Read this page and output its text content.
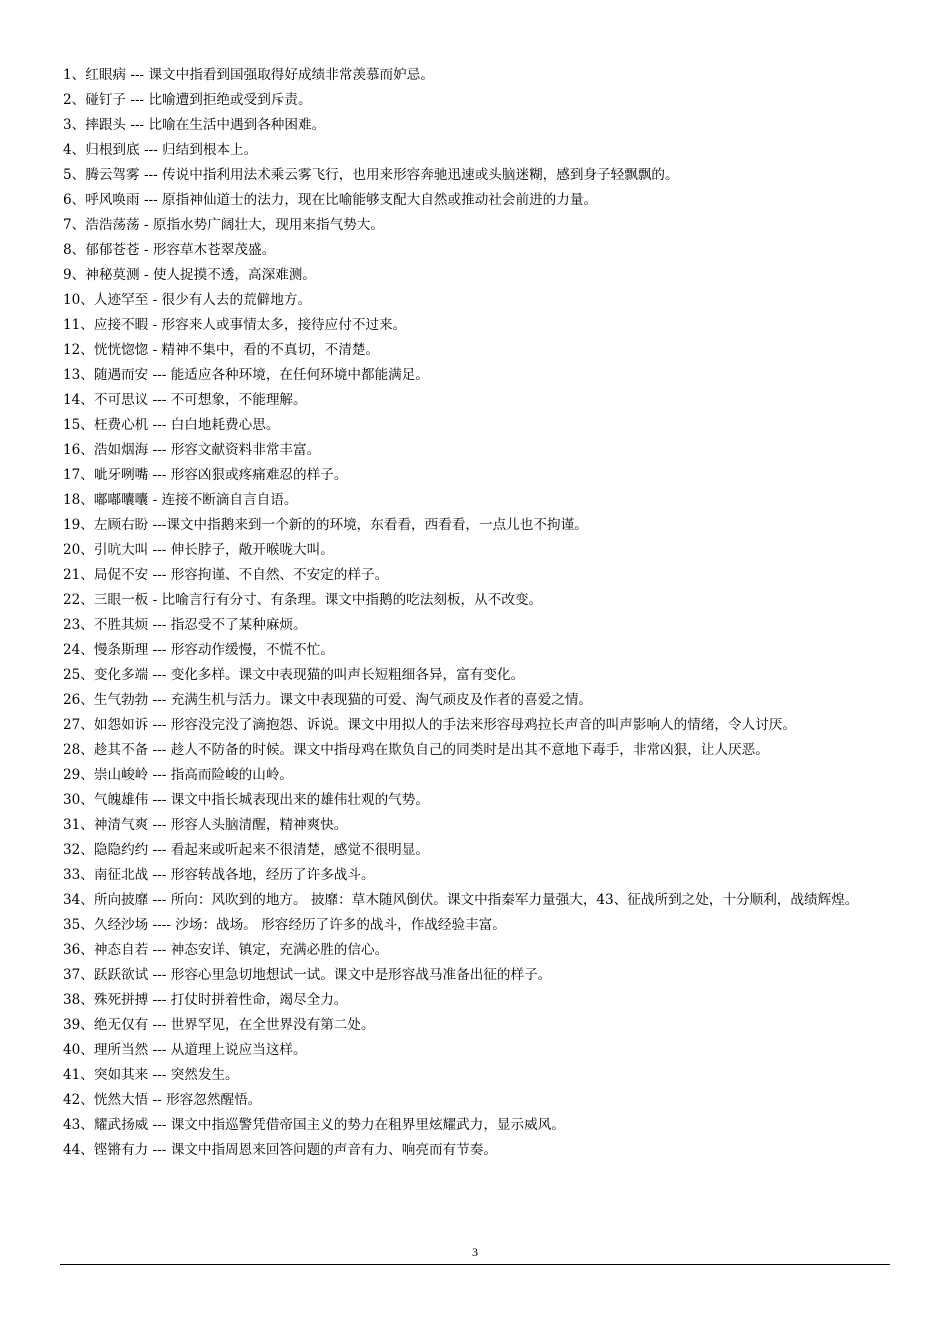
1、红眼病 --- 课文中指看到国强取得好成绩非常羡慕而妒忌。
2、碰钉子 --- 比喻遭到拒绝或受到斥责。
3、摔跟头 --- 比喻在生活中遇到各种困难。
4、归根到底 --- 归结到根本上。
5、腾云驾雾 --- 传说中指利用法术乘云雾飞行，也用来形容奔驰迅速或头脑迷糊，感到身子轻飘飘的。
6、呼风唤雨 --- 原指神仙道士的法力，现在比喻能够支配大自然或推动社会前进的力量。
7、浩浩荡荡 - 原指水势广阔壮大，现用来指气势大。
8、郁郁苍苍 - 形容草木苍翠茂盛。
9、神秘莫测 - 使人捉摸不透，高深难测。
10、人迹罕至 - 很少有人去的荒僻地方。
11、应接不暇 - 形容来人或事情太多，接待应付不过来。
12、恍恍惚惚 - 精神不集中，看的不真切，不清楚。
13、随遇而安 --- 能适应各种环境，在任何环境中都能满足。
14、不可思议 --- 不可想象，不能理解。
15、枉费心机 --- 白白地耗费心思。
16、浩如烟海 --- 形容文献资料非常丰富。
17、呲牙咧嘴 --- 形容凶狠或疼痛难忍的样子。
18、嘟嘟囔囔 - 连接不断滴自言自语。
19、左顾右盼 ---课文中指鹅来到一个新的的环境，东看看，西看看，一点儿也不拘谨。
20、引吭大叫 --- 伸长脖子，敞开喉咙大叫。
21、局促不安 --- 形容拘谨、不自然、不安定的样子。
22、三眼一板 - 比喻言行有分寸、有条理。课文中指鹅的吃法刻板，从不改变。
23、不胜其烦 --- 指忍受不了某种麻烦。
24、慢条斯理 --- 形容动作缓慢，不慌不忙。
25、变化多端 --- 变化多样。课文中表现猫的叫声长短粗细各异，富有变化。
26、生气勃勃 --- 充满生机与活力。课文中表现猫的可爱、淘气顽皮及作者的喜爱之情。
27、如怨如诉 --- 形容没完没了滴抱怨、诉说。课文中用拟人的手法来形容母鸡拉长声音的叫声影响人的情绪，令人讨厌。
28、趁其不备 --- 趁人不防备的时候。课文中指母鸡在欺负自己的同类时是出其不意地下毒手，非常凶狠，让人厌恶。
29、崇山峻岭 --- 指高而险峻的山岭。
30、气魄雄伟 --- 课文中指长城表现出来的雄伟壮观的气势。
31、神清气爽 --- 形容人头脑清醒，精神爽快。
32、隐隐约约 --- 看起来或听起来不很清楚，感觉不很明显。
33、南征北战 --- 形容转战各地，经历了许多战斗。
34、所向披靡 --- 所向：风吹到的地方。 披靡：草木随风倒伏。课文中指秦军力量强大，43、征战所到之处，十分顺利，战绩辉煌。
35、久经沙场 ---- 沙场：战场。 形容经历了许多的战斗，作战经验丰富。
36、神态自若 --- 神态安详、镇定，充满必胜的信心。
37、跃跃欲试 --- 形容心里急切地想试一试。课文中是形容战马准备出征的样子。
38、殊死拼搏 --- 打仗时拼着性命，竭尽全力。
39、绝无仅有 --- 世界罕见，在全世界没有第二处。
40、理所当然 --- 从道理上说应当这样。
41、突如其来 --- 突然发生。
42、恍然大悟 -- 形容忽然醒悟。
43、耀武扬威 --- 课文中指巡警凭借帝国主义的势力在租界里炫耀武力，显示威风。
44、铿锵有力 --- 课文中指周恩来回答问题的声音有力、响亮而有节奏。
3
